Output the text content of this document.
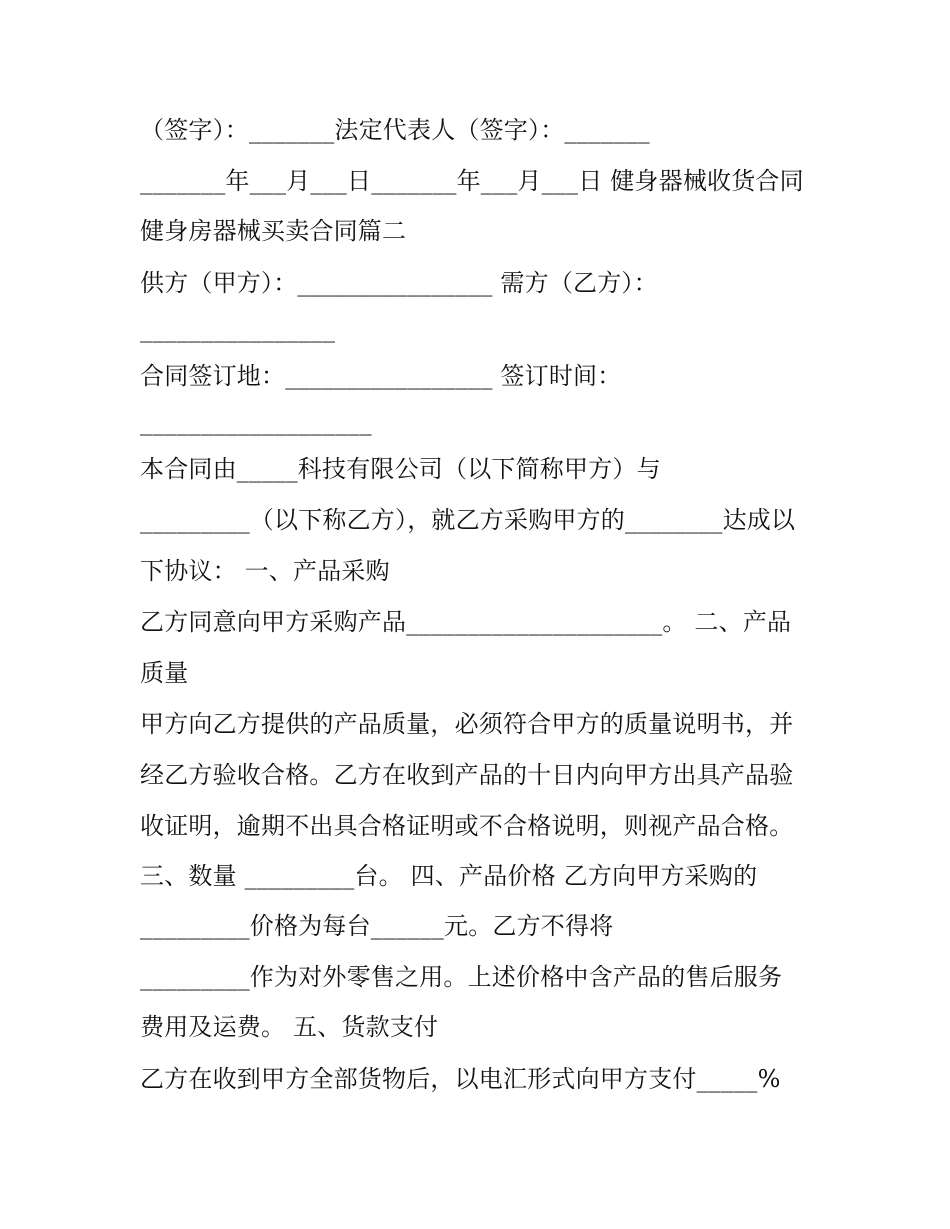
（签字）：_______法定代表人（签字）：_______
_______年___月___日_______年___月___日 健身器械收货合同
健身房器械买卖合同篇二
供方（甲方）：________________ 需方（乙方）：
________________
合同签订地：_________________ 签订时间：
___________________
本合同由_____科技有限公司（以下简称甲方）与
_________（以下称乙方），就乙方采购甲方的________达成以
下协议： 一、产品采购
乙方同意向甲方采购产品_____________________。 二、产品
质量
甲方向乙方提供的产品质量，必须符合甲方的质量说明书，并
经乙方验收合格。乙方在收到产品的十日内向甲方出具产品验
收证明，逾期不出具合格证明或不合格说明，则视产品合格。
三、数量 _________台。 四、产品价格 乙方向甲方采购的
_________价格为每台______元。乙方不得将
_________作为对外零售之用。上述价格中含产品的售后服务
费用及运费。 五、货款支付
乙方在收到甲方全部货物后，以电汇形式向甲方支付_____%
